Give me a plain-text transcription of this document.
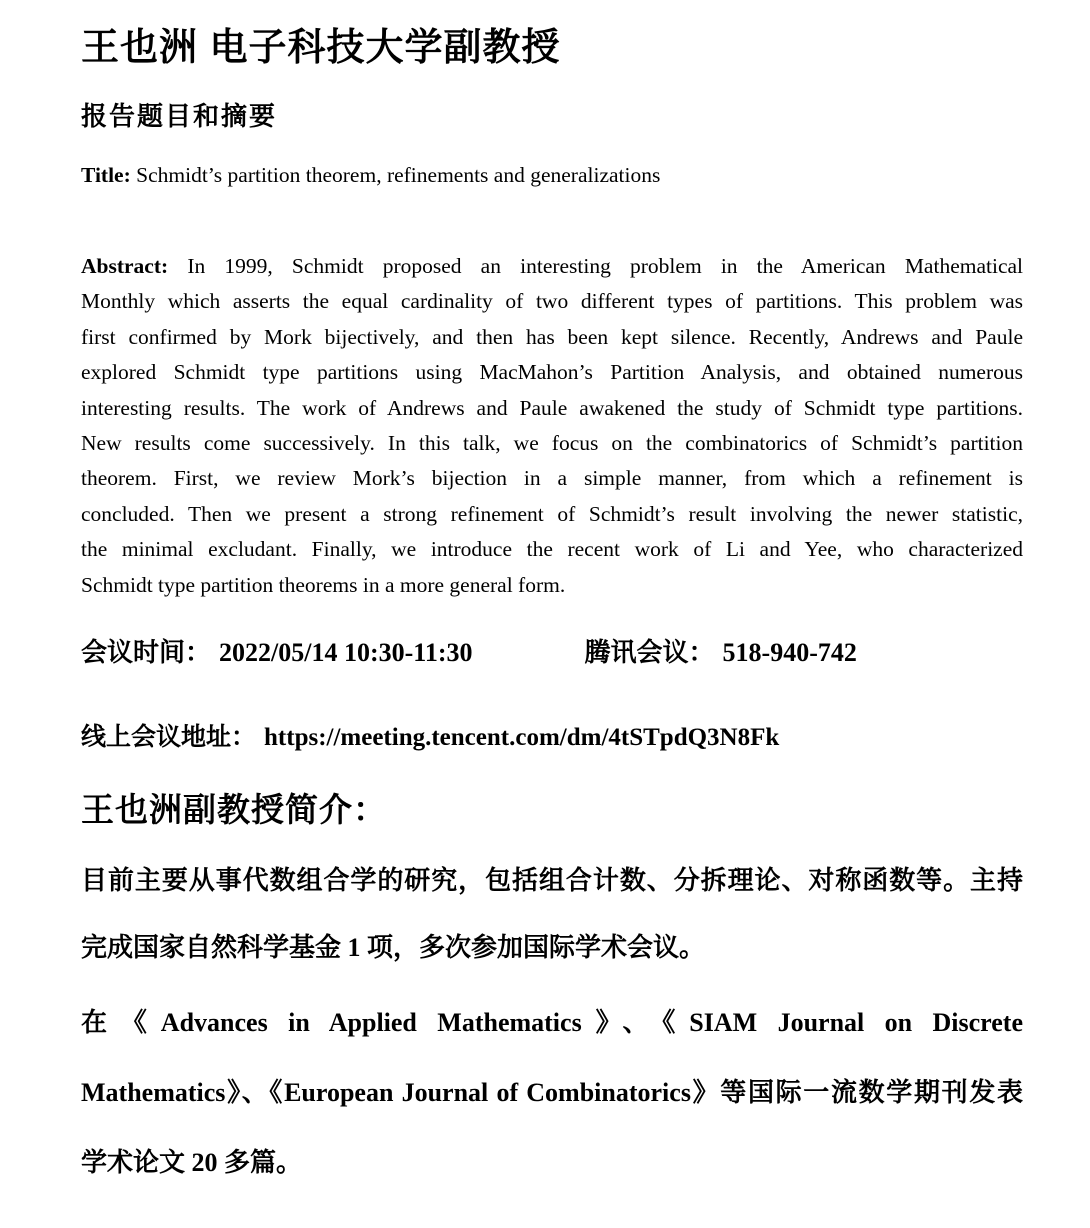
王也洲 电子科技大学副教授
报告题目和摘要

Title: Schmidt’s partition theorem, refinements and generalizations

Abstract: In 1999, Schmidt proposed an interesting problem in the American Mathematical
Monthly which asserts the equal cardinality of two different types of partitions. This problem was
first confirmed by Mork bijectively, and then has been kept silence. Recently, Andrews and Paule
explored Schmidt type partitions using MacMahon’s Partition Analysis, and obtained numerous
interesting results. The work of Andrews and Paule awakened the study of Schmidt type partitions.
New results come successively. In this talk, we focus on the combinatorics of Schmidt’s partition
theorem. First, we review Mork’s bijection in a simple manner, from which a refinement is
concluded. Then we present a strong refinement of Schmidt’s result involving the newer statistic,
the minimal excludant. Finally, we introduce the recent work of Li and Yee, who characterized
Schmidt type partition theorems in a more general form.

会议时间： 2022/05/14 10:30-11:30	腾讯会议： 518-940-742

线上会议地址： https://meeting.tencent.com/dm/4tSTpdQ3N8Fk

王也洲副教授简介：
目前主要从事代数组合学的研究，包括组合计数、分拆理论、对称函数等。主持
完成国家自然科学基金 1 项，多次参加国际学术会议。
在《Advances in Applied Mathematics》、《SIAM Journal on Discrete
Mathematics》、《European Journal of Combinatorics》等国际一流数学期刊发表
学术论文 20 多篇。
